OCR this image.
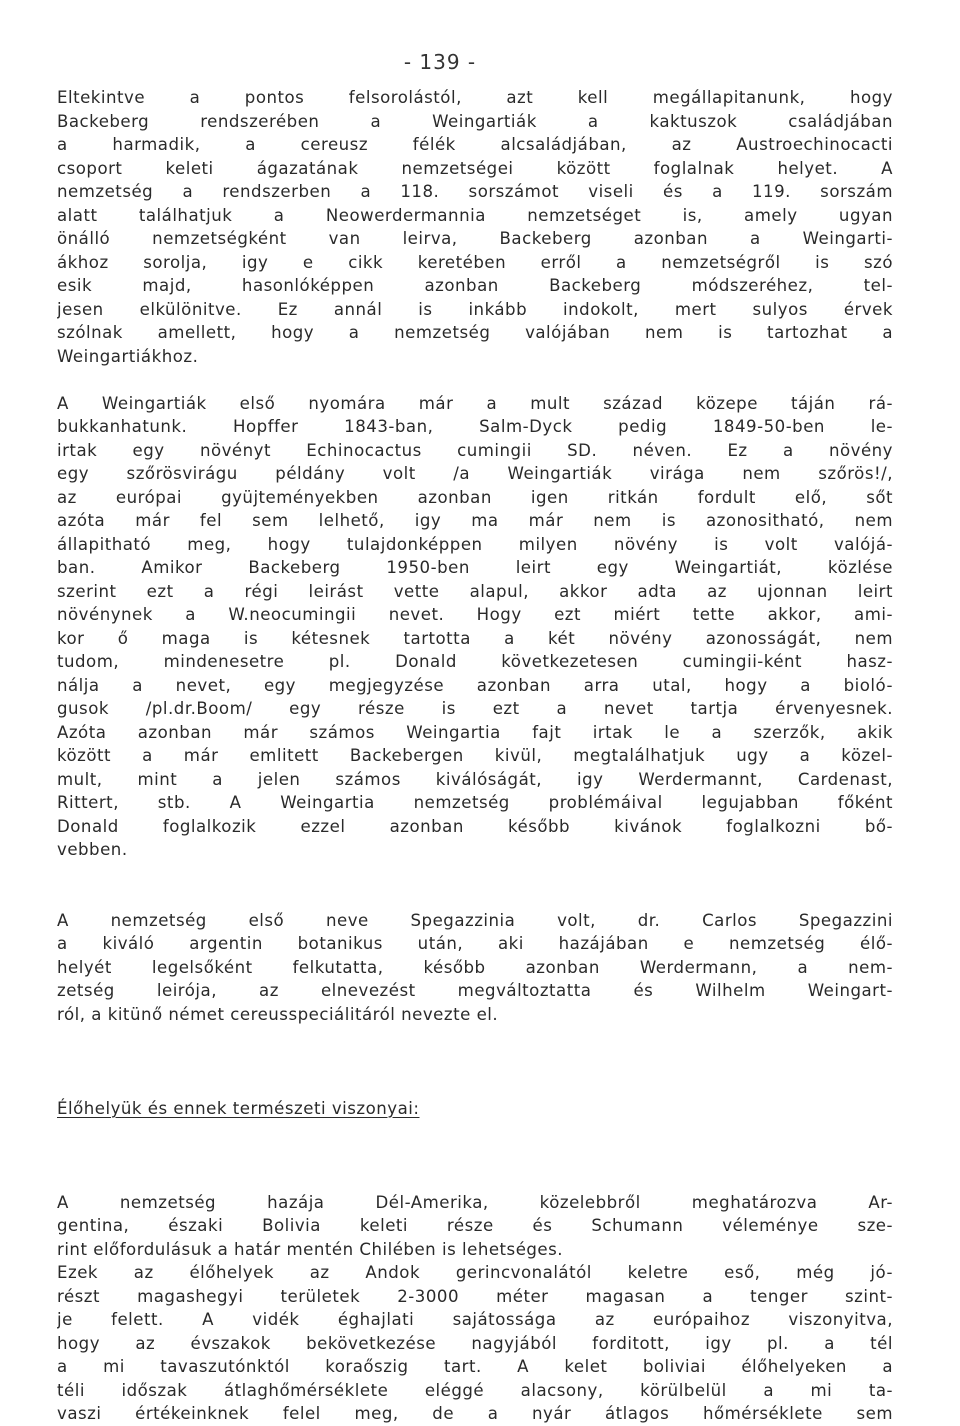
- 139 -
Eltekintve a pontos felsorolástól, azt kell megállapitanunk, hogy
Backeberg rendszerében a Weingartiák a kaktuszok családjában
a harmadik, a cereusz félék alcsaládjában, az Austroechinocacti
csoport keleti ágazatának nemzetségei között foglalnak helyet. A
nemzetség a rendszerben a 118. sorszámot viseli és a 119. sorszám
alatt találhatjuk a Neowerdermannia nemzetséget is, amely ugyan
önálló nemzetségként van leirva, Backeberg azonban a Weingarti-
ákhoz sorolja, igy e cikk keretében erről a nemzetségről is szó
esik majd, hasonlóképpen azonban Backeberg módszeréhez, tel-
jesen elkülönitve. Ez annál is inkább indokolt, mert sulyos érvek
szólnak amellett, hogy a nemzetség valójában nem is tartozhat a
Weingartiákhoz.
A Weingartiák első nyomára már a mult század közepe táján rá-
bukkanhatunk. Hopffer 1843-ban, Salm-Dyck pedig 1849-50-ben le-
irtak egy növényt Echinocactus cumingii SD. néven. Ez a növény
egy szőrösvirágu példány volt /a Weingartiák virága nem szőrös!/,
az európai gyüjteményekben azonban igen ritkán fordult elő, sőt
azóta már fel sem lelhető, igy ma már nem is azonositható, nem
állapitható meg, hogy tulajdonképpen milyen növény is volt valójá-
ban. Amikor Backeberg 1950-ben leirt egy Weingartiát, közlése
szerint ezt a régi leirást vette alapul, akkor adta az ujonnan leirt
növénynek a W.neocumingii nevet. Hogy ezt miért tette akkor, ami-
kor ő maga is kétesnek tartotta a két növény azonosságát, nem
tudom, mindenesetre pl. Donald következetesen cumingii-ként hasz-
nálja a nevet, egy megjegyzése azonban arra utal, hogy a bioló-
gusok /pl.dr.Boom/ egy része is ezt a nevet tartja érvenyesnek.
Azóta azonban már számos Weingartia fajt irtak le a szerzők, akik
között a már emlitett Backebergen kivül, megtalálhatjuk ugy a közel-
mult, mint a jelen számos kiválóságát, igy Werdermannt, Cardenast,
Rittert, stb. A Weingartia nemzetség problémáival legujabban főként
Donald foglalkozik ezzel azonban később kivánok foglalkozni bő-
vebben.
A nemzetség első neve Spegazzinia volt, dr. Carlos Spegazzini
a kiváló argentin botanikus után, aki hazájában e nemzetség élő-
helyét legelsőként felkutatta, később azonban Werdermann, a nem-
zetség leirója, az elnevezést megváltoztatta és Wilhelm Weingart-
ról, a kitünő német cereusspeciálitáról nevezte el.
Élőhelyük és ennek természeti viszonyai:
A nemzetség hazája Dél-Amerika, közelebbről meghatározva Ar-
gentina, északi Bolivia keleti része és Schumann véleménye sze-
rint előfordulásuk a határ mentén Chilében is lehetséges.
Ezek az élőhelyek az Andok gerincvonalától keletre eső, még jó-
részt magashegyi területek 2-3000 méter magasan a tenger szint-
je felett. A vidék éghajlati sajátossága az európaihoz viszonyitva,
hogy az évszakok bekövetkezése nagyjából forditott, igy pl. a tél
a mi tavaszutónktól koraőszig tart. A kelet boliviai élőhelyeken a
téli időszak átlaghőmérséklete eléggé alacsony, körülbelül a mi ta-
vaszi értékeinknek felel meg, de a nyár átlagos hőmérséklete sem
